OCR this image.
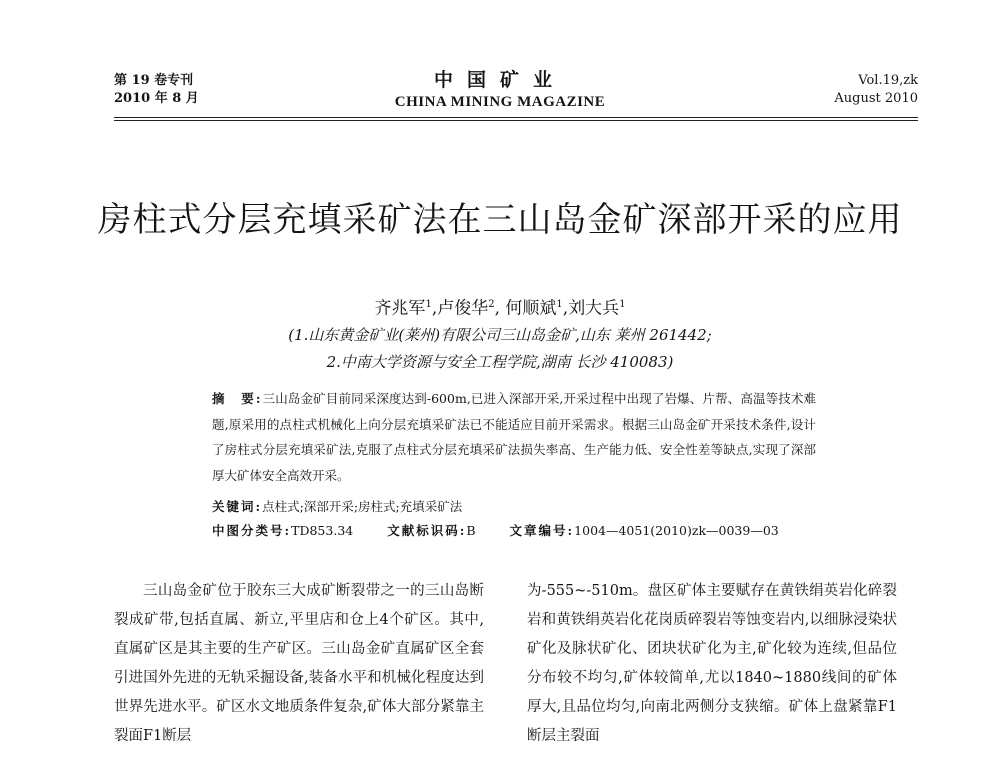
第 19 卷专刊
2010 年 8 月
中国矿业
CHINA MINING MAGAZINE
Vol.19,zk
August 2010
房柱式分层充填采矿法在三山岛金矿深部开采的应用
齐兆军$^1$,卢俊华$^2$, 何顺斌$^1$,刘大兵$^1$
(1.山东黄金矿业(莱州)有限公司三山岛金矿,山东 莱州 261442;
2.中南大学资源与安全工程学院,湖南 长沙 410083)
摘　要:三山岛金矿目前同采深度达到-600m,已进入深部开采,开采过程中出现了岩爆、片帮、高温等技术难题,原采用的点柱式机械化上向分层充填采矿法已不能适应目前开采需求。根据三山岛金矿开采技术条件,设计了房柱式分层充填采矿法,克服了点柱式分层充填采矿法损失率高、生产能力低、安全性差等缺点,实现了深部厚大矿体安全高效开采。
关键词:点柱式;深部开采;房柱式;充填采矿法
中图分类号:TD853.34	文献标识码:B	文章编号:1004—4051(2010)zk—0039—03

三山岛金矿位于胶东三大成矿断裂带之一的三山岛断裂成矿带,包括直属、新立,平里店和仓上4个矿区。其中,直属矿区是其主要的生产矿区。三山岛金矿直属矿区全套引进国外先进的无轨采掘设备,装备水平和机械化程度达到世界先进水平。矿区水文地质条件复杂,矿体大部分紧靠主裂面F1断层

为-555~-510m。盘区矿体主要赋存在黄铁绢英岩化碎裂岩和黄铁绢英岩化花岗质碎裂岩等蚀变岩内,以细脉浸染状矿化及脉状矿化、团块状矿化为主,矿化较为连续,但品位分布较不均匀,矿体较简单,尤以1840~1880线间的矿体厚大,且品位均匀,向南北两侧分支狭缩。矿体上盘紧靠F1断层主裂面
